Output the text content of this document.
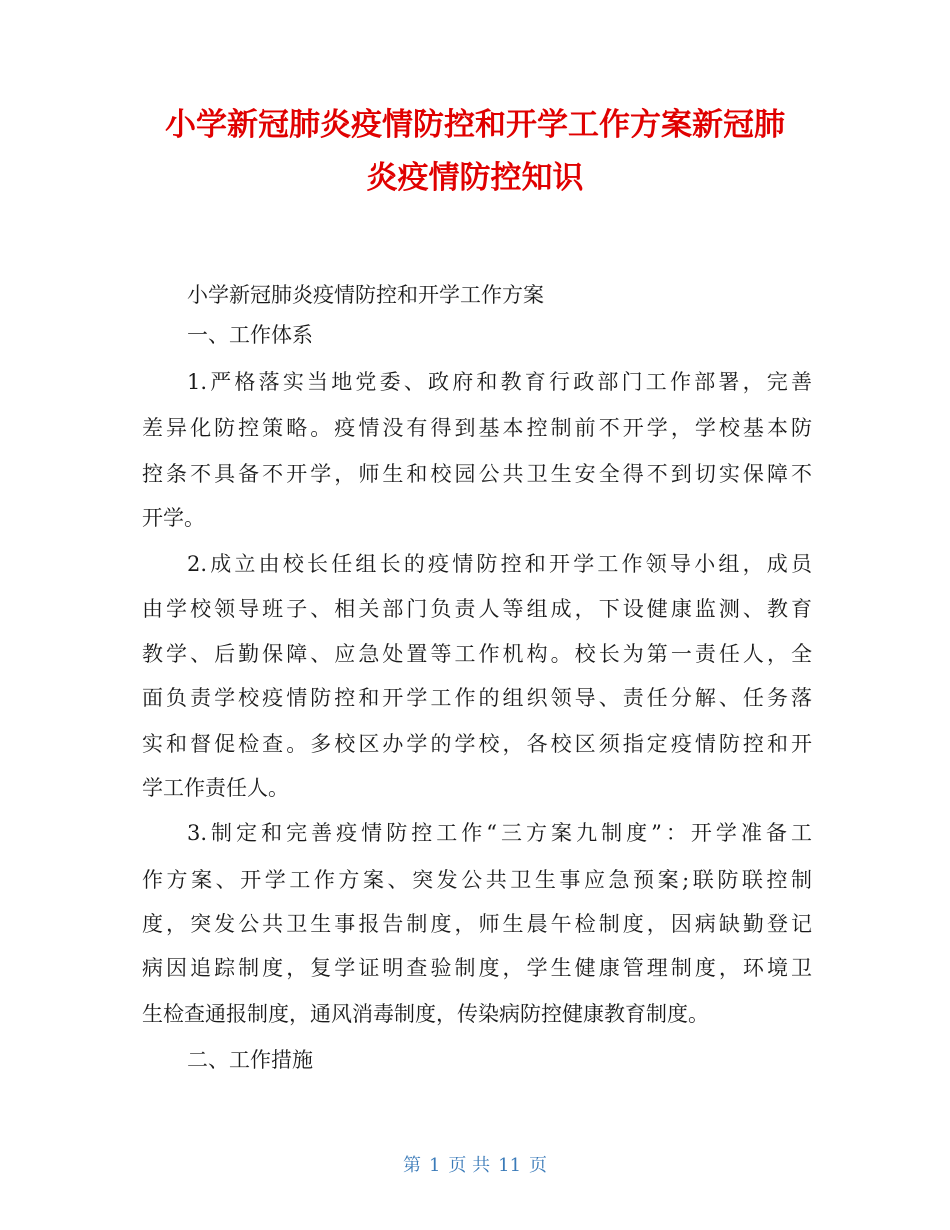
小学新冠肺炎疫情防控和开学工作方案新冠肺
炎疫情防控知识
小学新冠肺炎疫情防控和开学工作方案
一、工作体系
1.严格落实当地党委、政府和教育行政部门工作部署，完善
差异化防控策略。疫情没有得到基本控制前不开学，学校基本防
控条不具备不开学，师生和校园公共卫生安全得不到切实保障不
开学。
2.成立由校长任组长的疫情防控和开学工作领导小组，成员
由学校领导班子、相关部门负责人等组成，下设健康监测、教育
教学、后勤保障、应急处置等工作机构。校长为第一责任人，全
面负责学校疫情防控和开学工作的组织领导、责任分解、任务落
实和督促检查。多校区办学的学校，各校区须指定疫情防控和开
学工作责任人。
3.制定和完善疫情防控工作“三方案九制度”：开学准备工
作方案、开学工作方案、突发公共卫生事应急预案;联防联控制
度，突发公共卫生事报告制度，师生晨午检制度，因病缺勤登记
病因追踪制度，复学证明查验制度，学生健康管理制度，环境卫
生检查通报制度，通风消毒制度，传染病防控健康教育制度。
二、工作措施
第 1 页 共 11 页
